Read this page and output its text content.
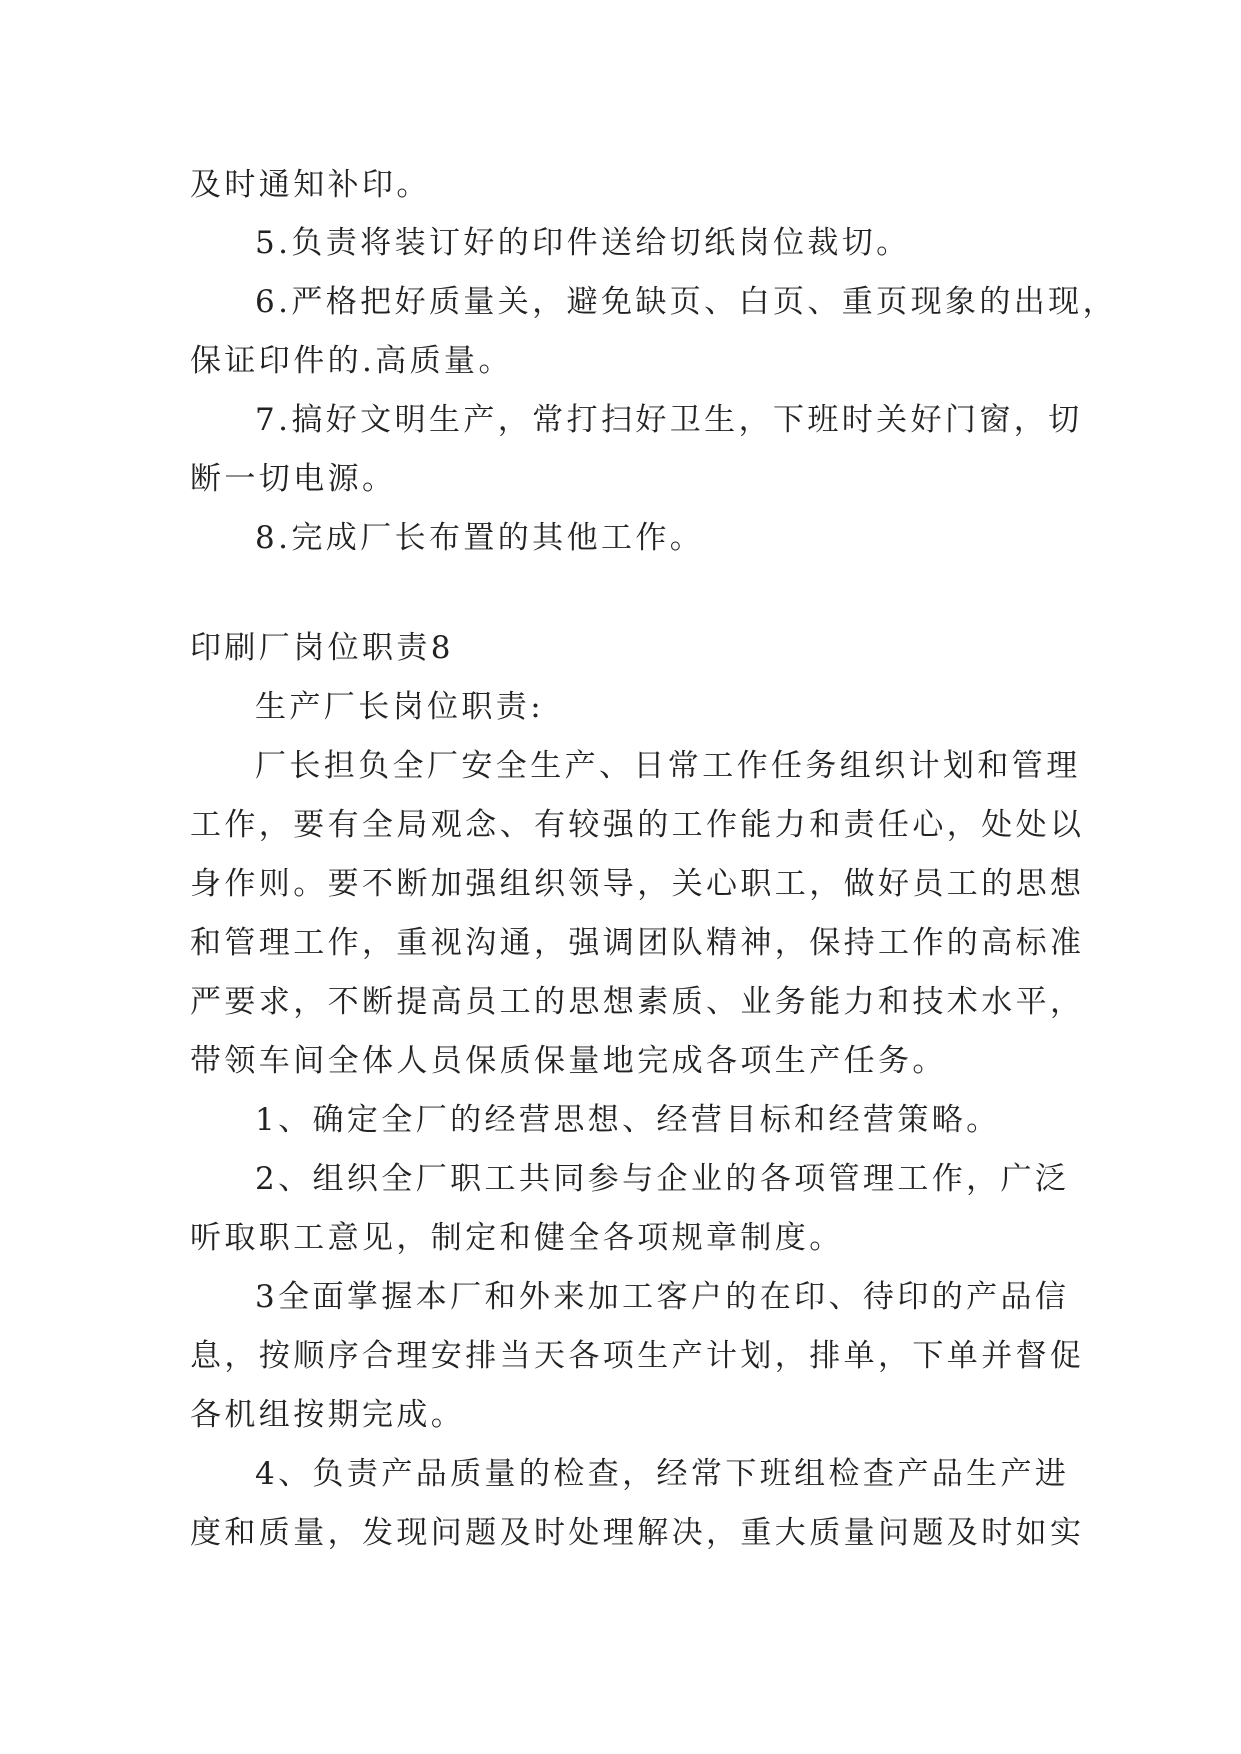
及时通知补印。
5.负责将装订好的印件送给切纸岗位裁切。
6.严格把好质量关，避免缺页、白页、重页现象的出现，
保证印件的.高质量。
7.搞好文明生产，常打扫好卫生，下班时关好门窗，切
断一切电源。
8.完成厂长布置的其他工作。
印刷厂岗位职责8
生产厂长岗位职责:
厂长担负全厂安全生产、日常工作任务组织计划和管理
工作，要有全局观念、有较强的工作能力和责任心，处处以
身作则。要不断加强组织领导，关心职工，做好员工的思想
和管理工作，重视沟通，强调团队精神，保持工作的高标准
严要求，不断提高员工的思想素质、业务能力和技术水平，
带领车间全体人员保质保量地完成各项生产任务。
1、确定全厂的经营思想、经营目标和经营策略。
2、组织全厂职工共同参与企业的各项管理工作，广泛
听取职工意见，制定和健全各项规章制度。
3全面掌握本厂和外来加工客户的在印、待印的产品信
息，按顺序合理安排当天各项生产计划，排单，下单并督促
各机组按期完成。
4、负责产品质量的检查，经常下班组检查产品生产进
度和质量，发现问题及时处理解决，重大质量问题及时如实
